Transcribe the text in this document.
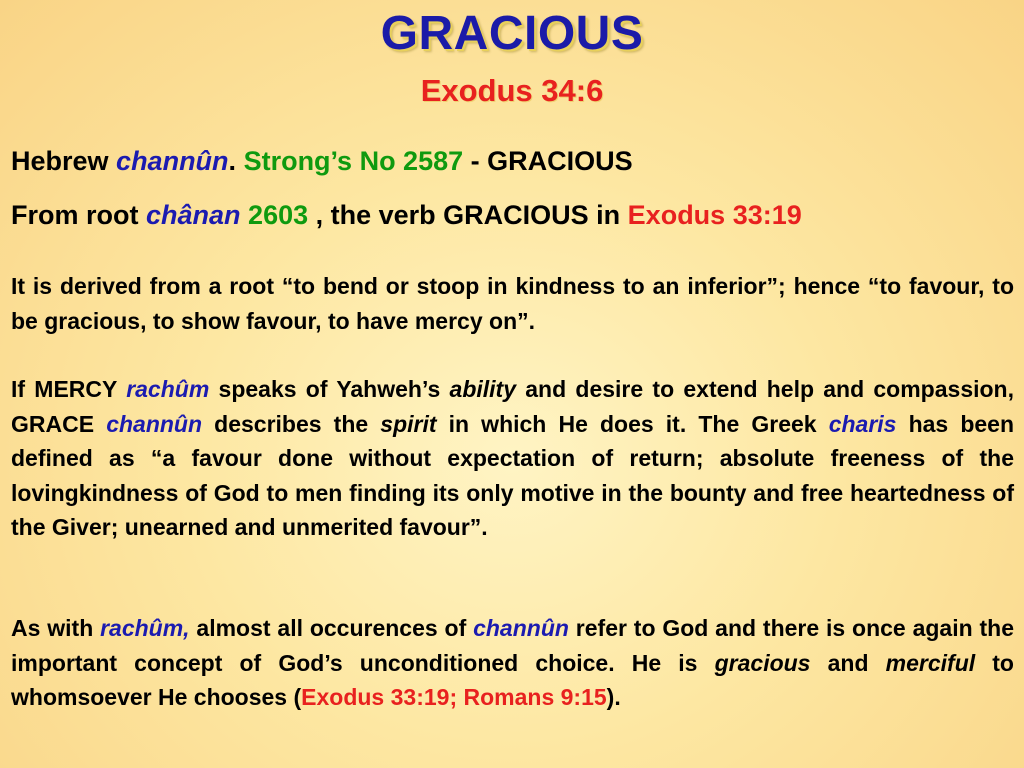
GRACIOUS
Exodus 34:6
Hebrew channûn. Strong’s No 2587 - GRACIOUS
From root chânan 2603 , the verb GRACIOUS in Exodus 33:19
It is derived from a root “to bend or stoop in kindness to an inferior”; hence “to favour, to be gracious, to show favour, to have mercy on”.
If MERCY rachûm speaks of Yahweh’s ability and desire to extend help and compassion, GRACE channûn describes the spirit in which He does it. The Greek charis has been defined as “a favour done without expectation of return; absolute freeness of the lovingkindness of God to men finding its only motive in the bounty and free heartedness of the Giver; unearned and unmerited favour”.
As with rachûm, almost all occurences of channûn refer to God and there is once again the important concept of God’s unconditioned choice. He is gracious and merciful to whomsoever He chooses (Exodus 33:19; Romans 9:15).
